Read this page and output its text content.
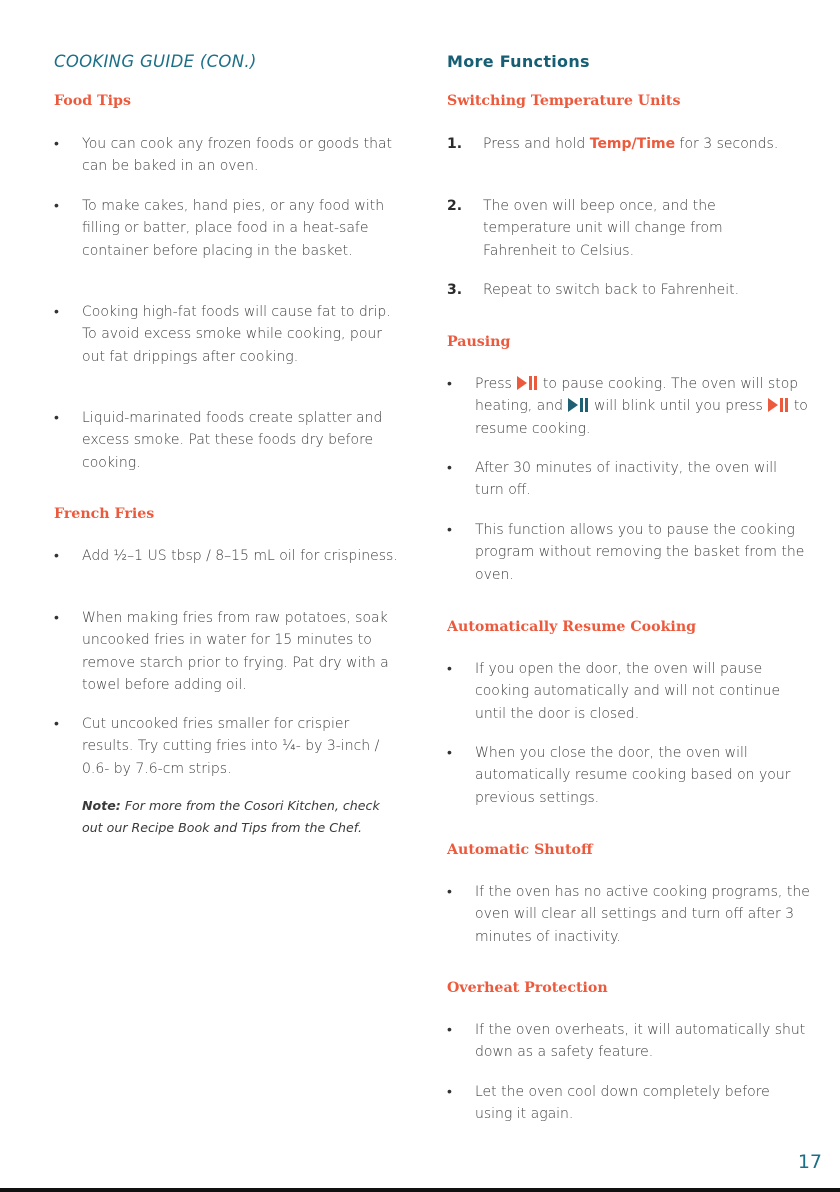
COOKING GUIDE (CON.)
Food Tips
•	You can cook any frozen foods or goods that can be baked in an oven.
•	To make cakes, hand pies, or any food with filling or batter, place food in a heat-safe container before placing in the basket.
•	Cooking high-fat foods will cause fat to drip. To avoid excess smoke while cooking, pour out fat drippings after cooking.
•	Liquid-marinated foods create splatter and excess smoke. Pat these foods dry before cooking.
French Fries
•	Add ½–1 US tbsp / 8–15 mL oil for crispiness.
•	When making fries from raw potatoes, soak uncooked fries in water for 15 minutes to remove starch prior to frying. Pat dry with a towel before adding oil.
•	Cut uncooked fries smaller for crispier results. Try cutting fries into ¼- by 3-inch / 0.6- by 7.6-cm strips.
Note: For more from the Cosori Kitchen, check out our Recipe Book and Tips from the Chef.
More Functions
Switching Temperature Units
1. Press and hold Temp/Time for 3 seconds.
2. The oven will beep once, and the temperature unit will change from Fahrenheit to Celsius.
3. Repeat to switch back to Fahrenheit.
Pausing
•	Press to pause cooking. The oven will stop heating, and will blink until you press to resume cooking.
•	After 30 minutes of inactivity, the oven will turn off.
•	This function allows you to pause the cooking program without removing the basket from the oven.
Automatically Resume Cooking
•	If you open the door, the oven will pause cooking automatically and will not continue until the door is closed.
•	When you close the door, the oven will automatically resume cooking based on your previous settings.
Automatic Shutoff
•	If the oven has no active cooking programs, the oven will clear all settings and turn off after 3 minutes of inactivity.
Overheat Protection
•	If the oven overheats, it will automatically shut down as a safety feature.
•	Let the oven cool down completely before using it again.
17
